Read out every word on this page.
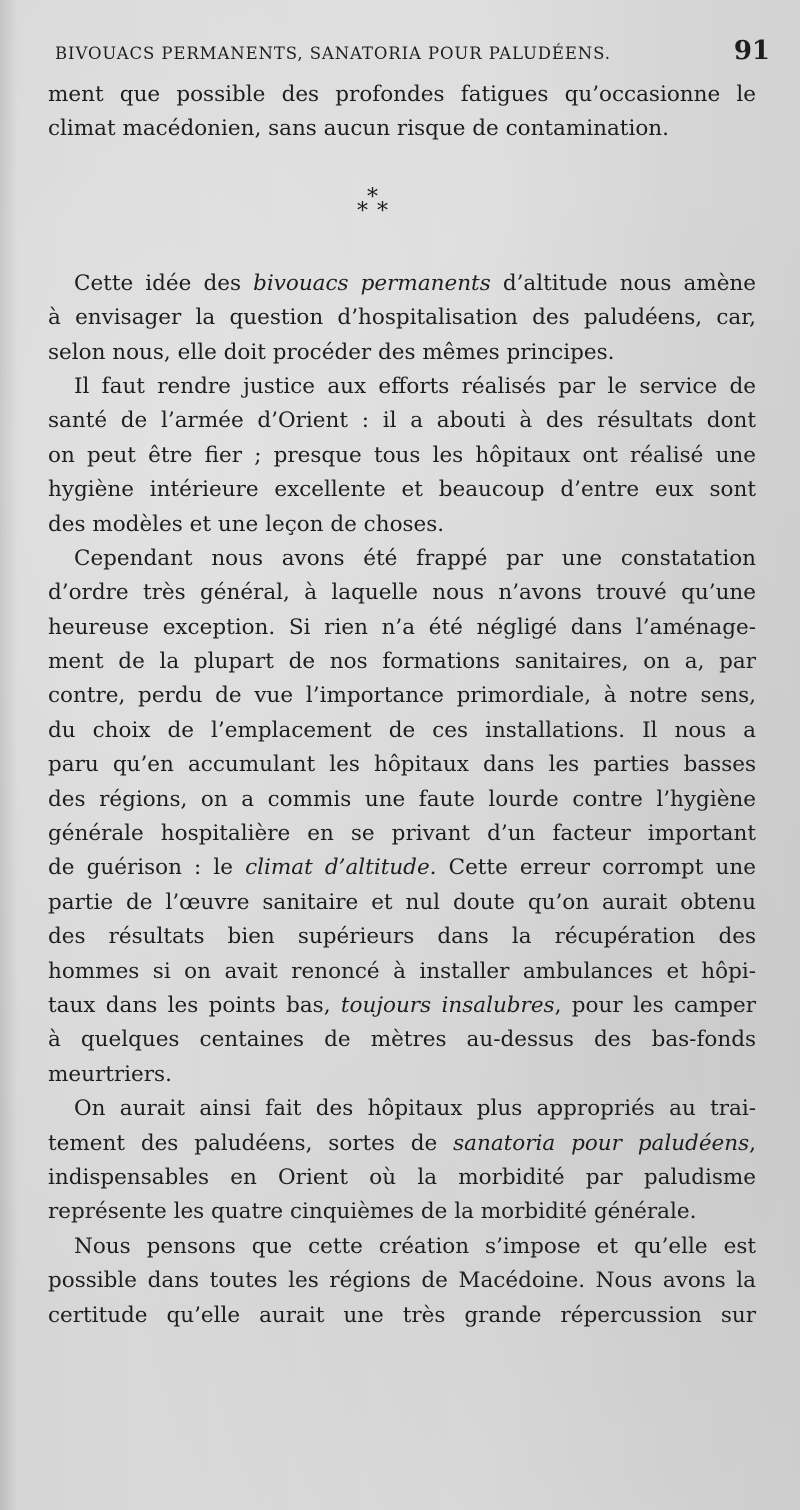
BIVOUACS PERMANENTS, SANATORIA POUR PALUDÉENS.	91

ment que possible des profondes fatigues qu’occasionne le
climat macédonien, sans aucun risque de contamination.

*
* *

Cette idée des bivouacs permanents d’altitude nous amène
à envisager la question d’hospitalisation des paludéens, car,
selon nous, elle doit procéder des mêmes principes.

Il faut rendre justice aux efforts réalisés par le service de
santé de l’armée d’Orient : il a abouti à des résultats dont
on peut être fier ; presque tous les hôpitaux ont réalisé une
hygiène intérieure excellente et beaucoup d’entre eux sont
des modèles et une leçon de choses.

Cependant nous avons été frappé par une constatation
d’ordre très général, à laquelle nous n’avons trouvé qu’une
heureuse exception. Si rien n’a été négligé dans l’aménage-
ment de la plupart de nos formations sanitaires, on a, par
contre, perdu de vue l’importance primordiale, à notre sens,
du choix de l’emplacement de ces installations. Il nous a
paru qu’en accumulant les hôpitaux dans les parties basses
des régions, on a commis une faute lourde contre l’hygiène
générale hospitalière en se privant d’un facteur important
de guérison : le climat d’altitude. Cette erreur corrompt une
partie de l’œuvre sanitaire et nul doute qu’on aurait obtenu
des résultats bien supérieurs dans la récupération des
hommes si on avait renoncé à installer ambulances et hôpi-
taux dans les points bas, toujours insalubres, pour les camper
à quelques centaines de mètres au-dessus des bas-fonds
meurtriers.

On aurait ainsi fait des hôpitaux plus appropriés au trai-
tement des paludéens, sortes de sanatoria pour paludéens,
indispensables en Orient où la morbidité par paludisme
représente les quatre cinquièmes de la morbidité générale.

Nous pensons que cette création s’impose et qu’elle est
possible dans toutes les régions de Macédoine. Nous avons la
certitude qu’elle aurait une très grande répercussion sur
